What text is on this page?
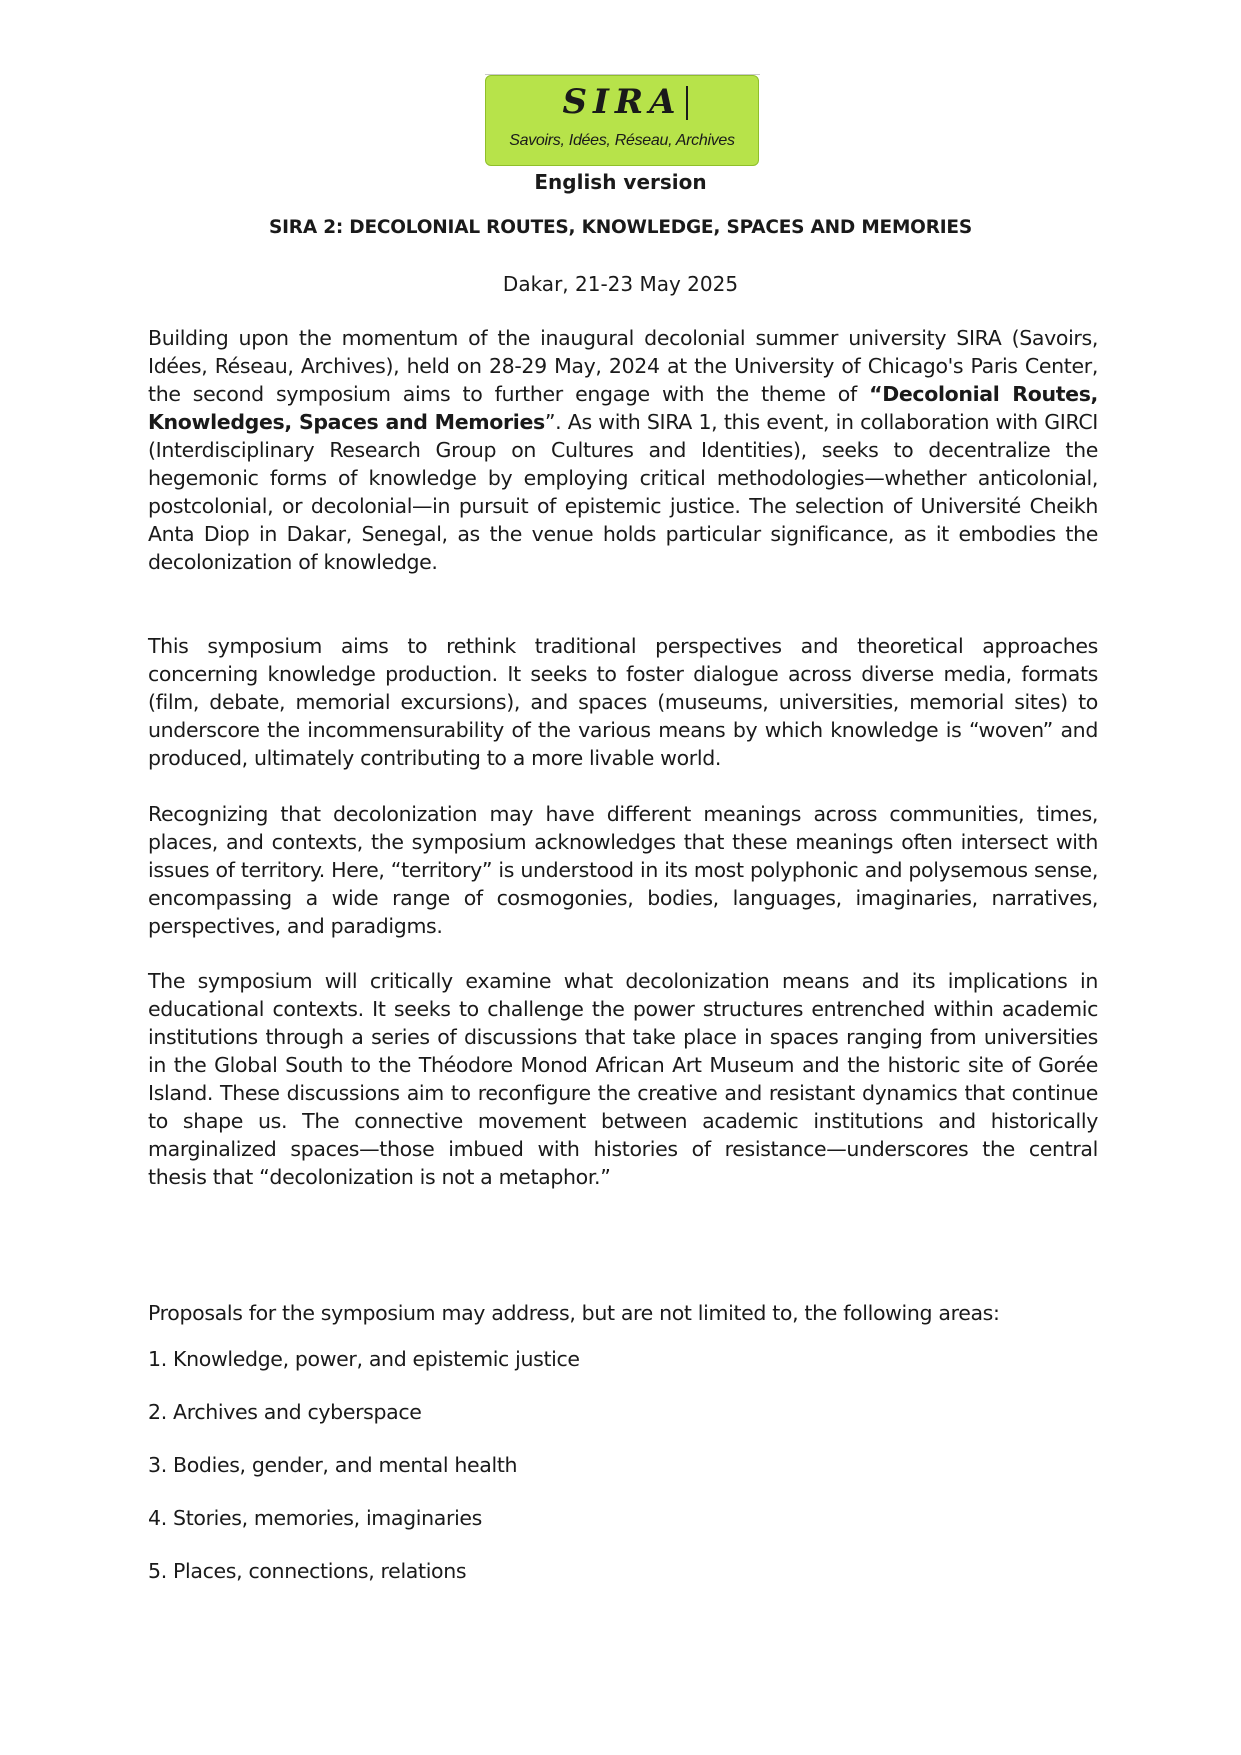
SIRA
Savoirs, Idées, Réseau, Archives
English version
SIRA 2: DECOLONIAL ROUTES, KNOWLEDGE, SPACES AND MEMORIES
Dakar, 21-23 May 2025

Building upon the momentum of the inaugural decolonial summer university SIRA (Savoirs, Idées, Réseau, Archives), held on 28-29 May, 2024 at the University of Chicago's Paris Center, the second symposium aims to further engage with the theme of “Decolonial Routes, Knowledges, Spaces and Memories”. As with SIRA 1, this event, in collaboration with GIRCI (Interdisciplinary Research Group on Cultures and Identities), seeks to decentralize the hegemonic forms of knowledge by employing critical methodologies—whether anticolonial, postcolonial, or decolonial—in pursuit of epistemic justice. The selection of Université Cheikh Anta Diop in Dakar, Senegal, as the venue holds particular significance, as it embodies the decolonization of knowledge.

This symposium aims to rethink traditional perspectives and theoretical approaches concerning knowledge production. It seeks to foster dialogue across diverse media, formats (film, debate, memorial excursions), and spaces (museums, universities, memorial sites) to underscore the incommensurability of the various means by which knowledge is “woven” and produced, ultimately contributing to a more livable world.

Recognizing that decolonization may have different meanings across communities, times, places, and contexts, the symposium acknowledges that these meanings often intersect with issues of territory. Here, “territory” is understood in its most polyphonic and polysemous sense, encompassing a wide range of cosmogonies, bodies, languages, imaginaries, narratives, perspectives, and paradigms.

The symposium will critically examine what decolonization means and its implications in educational contexts. It seeks to challenge the power structures entrenched within academic institutions through a series of discussions that take place in spaces ranging from universities in the Global South to the Théodore Monod African Art Museum and the historic site of Gorée Island. These discussions aim to reconfigure the creative and resistant dynamics that continue to shape us. The connective movement between academic institutions and historically marginalized spaces—those imbued with histories of resistance—underscores the central thesis that “decolonization is not a metaphor.”

Proposals for the symposium may address, but are not limited to, the following areas:

1. Knowledge, power, and epistemic justice
2. Archives and cyberspace
3. Bodies, gender, and mental health
4. Stories, memories, imaginaries
5. Places, connections, relations
